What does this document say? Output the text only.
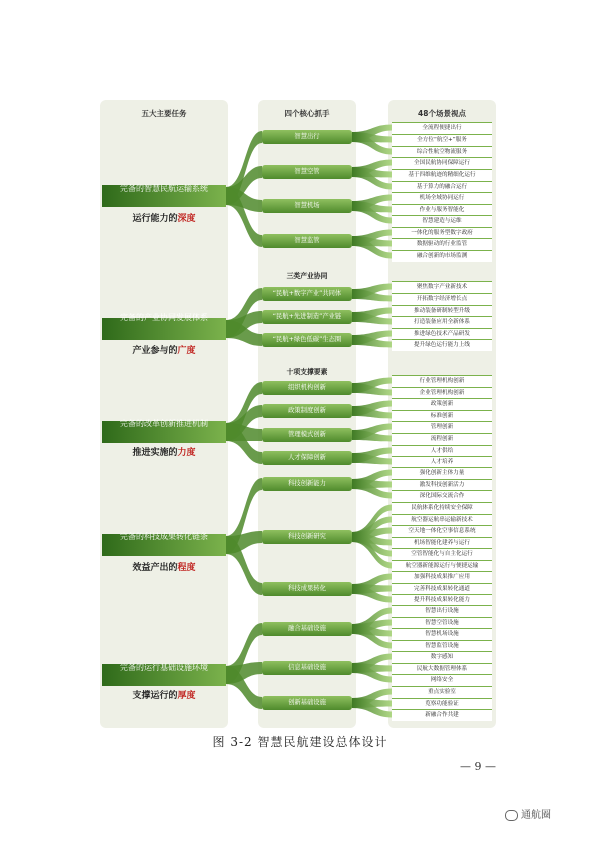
五大主要任务	四个核心抓手	48个场景视点
完备的智慧民航运输系统
运行能力的深度
完备的产业协同发展体系
产业参与的广度
完备的改革创新推进机制
推进实施的力度
完备的科技成果转化链条
效益产出的程度
完备的运行基础设施环境
支撑运行的厚度
三类产业协同
十项支撑要素
智慧出行
智慧空管
智慧机场
智慧监管
“民航+数字产业”共同体
“民航+先进制造”产业链
“民航+绿色低碳”生态圈
组织机构创新
政策制度创新
管理模式创新
人才保障创新
科技创新能力
科技创新研究
科技成果转化
融合基础设施
信息基础设施
创新基础设施
全流程便捷出行
全方位“航空+”服务
综合性航空物流服务
全国民航协同保障运行
基于四维航迹的精细化运行
基于算力的融合运行
机场全域协同运行
作业与服务智能化
智慧建造与运维
一体化的服务型数字政府
数据驱动的行业监管
融合创新的市场监测
聚焦数字产业新技术
开拓数字经济增长点
推动装备研制转型升级
打造装备应用全新体系
推进绿色技术产品研发
提升绿色运行能力上线
行业管理机构创新
企业管理机构创新
政策创新
标准创新
管理创新
流程创新
人才供给
人才培养
强化创新主体力量
激发科技创新活力
深化国际交流合作
民航体系化持续安全保障
航空器运航串运输新技术
空天地一体化空事信息系统
机场智能化建养与运行
空管智能化与自主化运行
航空器新能源运行与便捷运输
加强科技成果推广应用
完善科技成果转化通道
提升科技成果转化能力
智慧出行设施
智慧空管设施
智慧机场设施
智慧监管设施
数字感知
民航大数据管理体系
网络安全
重点实验室
览察功能验证
新融合作共建
图 3-2 智慧民航建设总体设计
— 9 —
通航圈
